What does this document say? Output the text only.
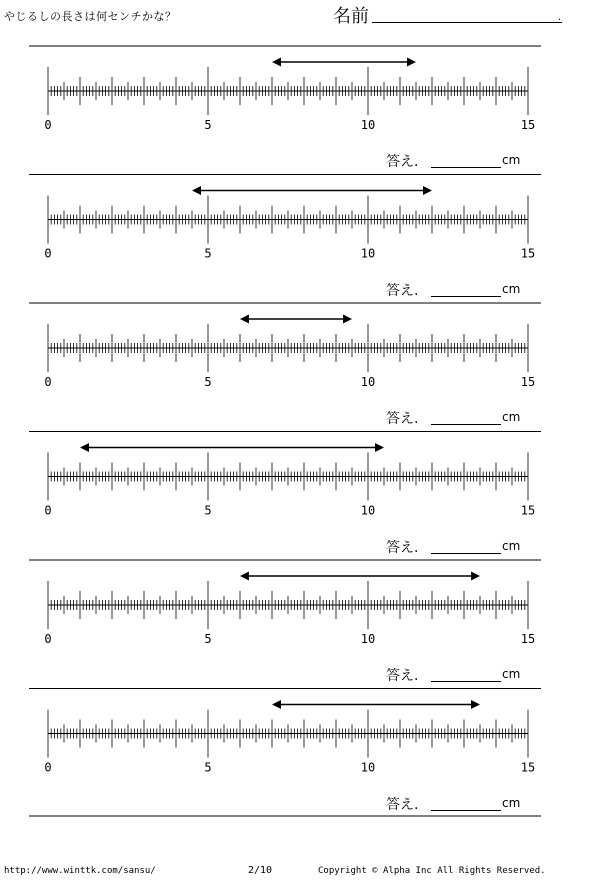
やじるしの長さは何センチかな？	名前	.
0	5	10	15
0	5	10	15
0	5	10	15
0	5	10	15
0	5	10	15
0	5	10	15
答え.	cm
答え.	cm
答え.	cm
答え.	cm
答え.	cm
答え.	cm
http://www.winttk.com/sansu/	2/10	Copyright © Alpha Inc All Rights Reserved.
